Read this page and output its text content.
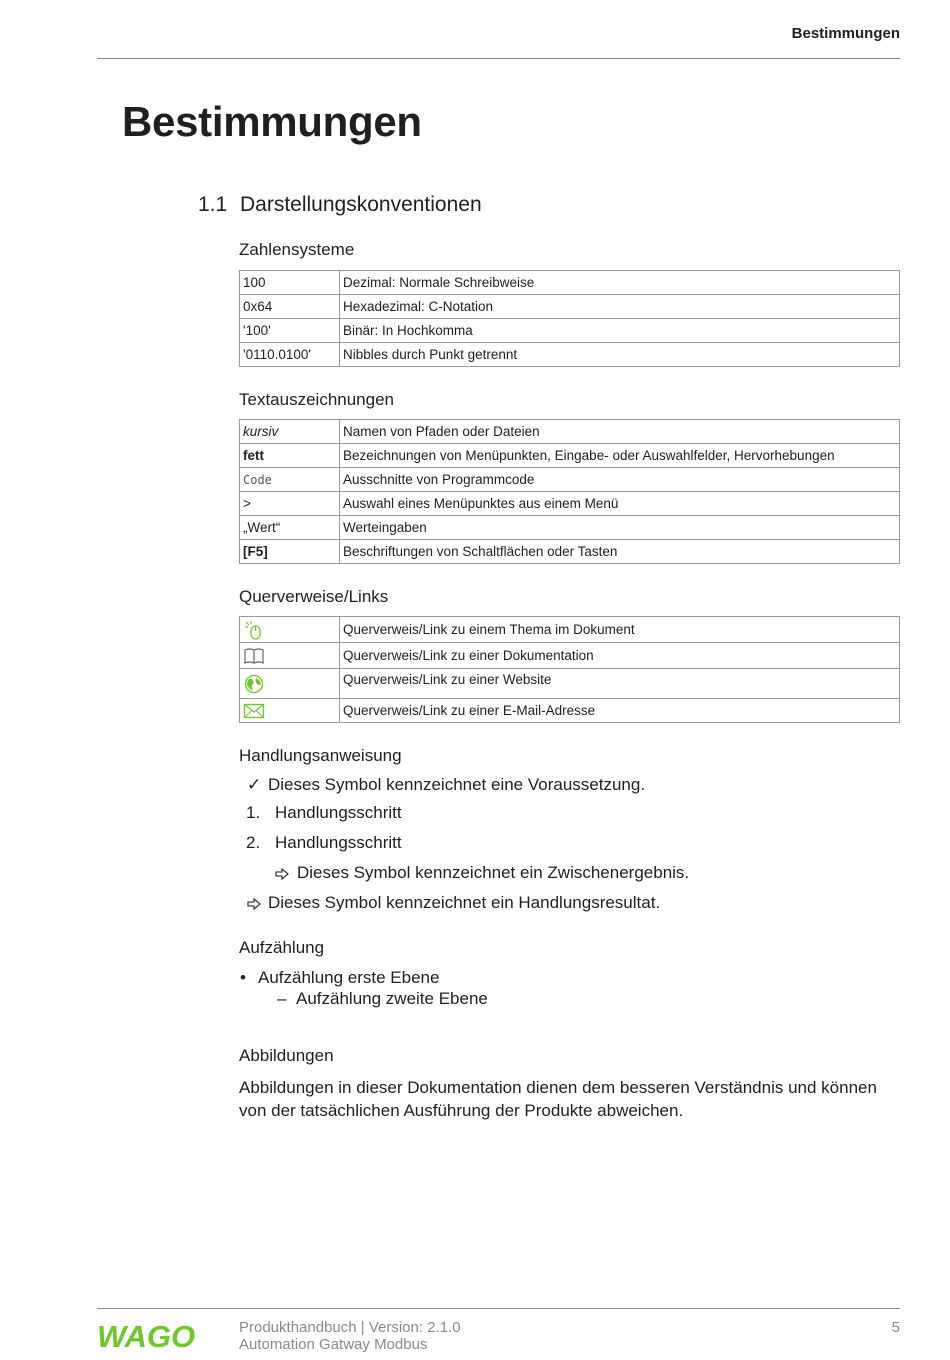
Bestimmungen
Bestimmungen
1.1 Darstellungskonventionen
Zahlensysteme
100	Dezimal: Normale Schreibweise
0x64	Hexadezimal: C-Notation
'100'	Binär: In Hochkomma
'0110.0100'	Nibbles durch Punkt getrennt
Textauszeichnungen
kursiv	Namen von Pfaden oder Dateien
fett	Bezeichnungen von Menüpunkten, Eingabe- oder Auswahlfelder, Hervorhebungen
Code	Ausschnitte von Programmcode
>	Auswahl eines Menüpunktes aus einem Menü
„Wert“	Werteingaben
[F5]	Beschriftungen von Schaltflächen oder Tasten
Querverweise/Links
	Querverweis/Link zu einem Thema im Dokument
	Querverweis/Link zu einer Dokumentation
	Querverweis/Link zu einer Website
	Querverweis/Link zu einer E-Mail-Adresse
Handlungsanweisung
✓ Dieses Symbol kennzeichnet eine Voraussetzung.
1. Handlungsschritt
2. Handlungsschritt
Dieses Symbol kennzeichnet ein Zwischenergebnis.
Dieses Symbol kennzeichnet ein Handlungsresultat.
Aufzählung
• Aufzählung erste Ebene
– Aufzählung zweite Ebene
Abbildungen
Abbildungen in dieser Dokumentation dienen dem besseren Verständnis und können von der tatsächlichen Ausführung der Produkte abweichen.
WAGO	Produkthandbuch | Version: 2.1.0
Automation Gatway Modbus
5
